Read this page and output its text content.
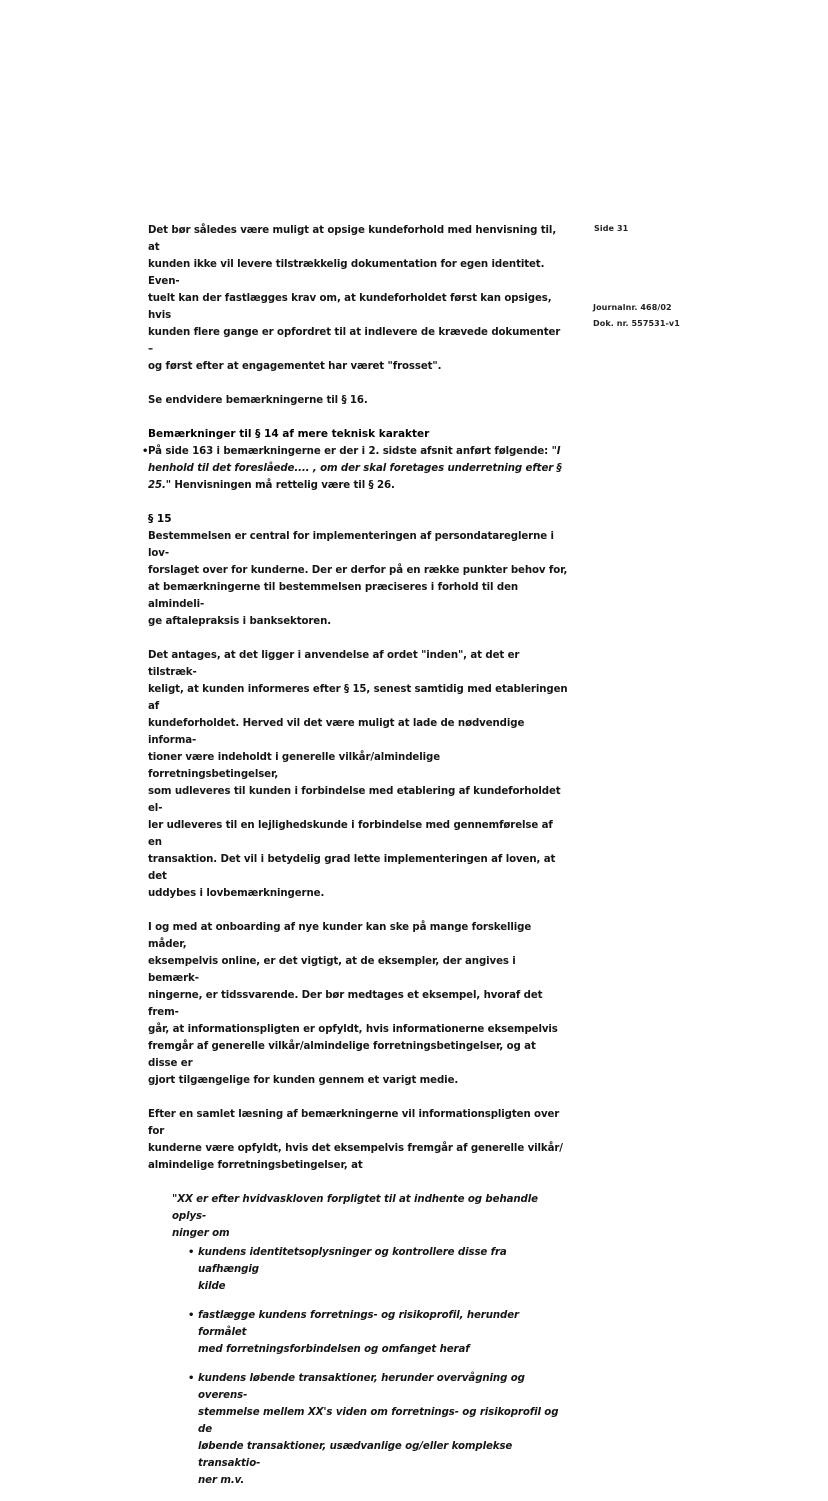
Side 31
Journalnr. 468/02
Dok. nr. 557531-v1

Det bør således være muligt at opsige kundeforhold med henvisning til, at

kunden ikke vil levere tilstrækkelig dokumentation for egen identitet. Even-

tuelt kan der fastlægges krav om, at kundeforholdet først kan opsiges, hvis

kunden flere gange er opfordret til at indlevere de krævede dokumenter –

og først efter at engagementet har været "frosset".

Se endvidere bemærkningerne til § 16.

Bemærkninger til § 14 af mere teknisk karakter

• På side 163 i bemærkningerne er der i 2. sidste afsnit anført følgende: "I

henhold til det foreslåede.... , om der skal foretages underretning efter §

25." Henvisningen må rettelig være til § 26.

§ 15

Bestemmelsen er central for implementeringen af persondatareglerne i lov-

forslaget over for kunderne. Der er derfor på en række punkter behov for,

at bemærkningerne til bestemmelsen præciseres i forhold til den almindeli-

ge aftalepraksis i banksektoren.

Det antages, at det ligger i anvendelse af ordet "inden", at det er tilstræk-

keligt, at kunden informeres efter § 15, senest samtidig med etableringen af

kundeforholdet. Herved vil det være muligt at lade de nødvendige informa-

tioner være indeholdt i generelle vilkår/almindelige forretningsbetingelser,

som udleveres til kunden i forbindelse med etablering af kundeforholdet el-

ler udleveres til en lejlighedskunde i forbindelse med gennemførelse af en

transaktion. Det vil i betydelig grad lette implementeringen af loven, at det

uddybes i lovbemærkningerne.

I og med at onboarding af nye kunder kan ske på mange forskellige måder,

eksempelvis online, er det vigtigt, at de eksempler, der angives i bemærk-

ningerne, er tidssvarende. Der bør medtages et eksempel, hvoraf det frem-

går, at informationspligten er opfyldt, hvis informationerne eksempelvis

fremgår af generelle vilkår/almindelige forretningsbetingelser, og at disse er

gjort tilgængelige for kunden gennem et varigt medie.

Efter en samlet læsning af bemærkningerne vil informationspligten over for

kunderne være opfyldt, hvis det eksempelvis fremgår af generelle vilkår/

almindelige forretningsbetingelser, at

"XX er efter hvidvaskloven forpligtet til at indhente og behandle oplys-

ninger om

• kundens identitetsoplysninger og kontrollere disse fra uafhængig

kilde

• fastlægge kundens forretnings- og risikoprofil, herunder formålet

med forretningsforbindelsen og omfanget heraf

• kundens løbende transaktioner, herunder overvågning og overens-

stemmelse mellem XX's viden om forretnings- og risikoprofil og de

løbende transaktioner, usædvanlige og/eller komplekse transaktio-

ner m.v.
